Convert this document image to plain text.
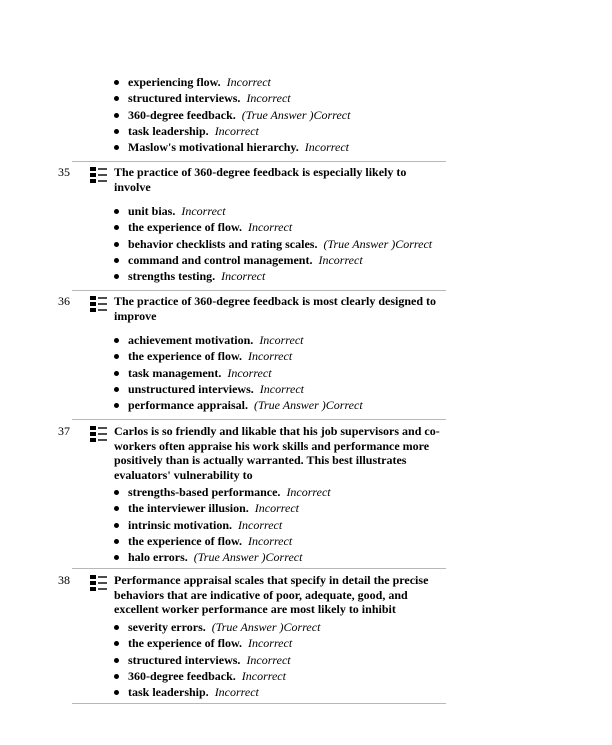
experiencing flow. Incorrect
structured interviews. Incorrect
360-degree feedback. (True Answer )Correct
task leadership. Incorrect
Maslow's motivational hierarchy. Incorrect
35	The practice of 360-degree feedback is especially likely to involve
unit bias. Incorrect
the experience of flow. Incorrect
behavior checklists and rating scales. (True Answer )Correct
command and control management. Incorrect
strengths testing. Incorrect
36	The practice of 360-degree feedback is most clearly designed to improve
achievement motivation. Incorrect
the experience of flow. Incorrect
task management. Incorrect
unstructured interviews. Incorrect
performance appraisal. (True Answer )Correct
37	Carlos is so friendly and likable that his job supervisors and co-workers often appraise his work skills and performance more positively than is actually warranted. This best illustrates evaluators' vulnerability to
strengths-based performance. Incorrect
the interviewer illusion. Incorrect
intrinsic motivation. Incorrect
the experience of flow. Incorrect
halo errors. (True Answer )Correct
38	Performance appraisal scales that specify in detail the precise behaviors that are indicative of poor, adequate, good, and excellent worker performance are most likely to inhibit
severity errors. (True Answer )Correct
the experience of flow. Incorrect
structured interviews. Incorrect
360-degree feedback. Incorrect
task leadership. Incorrect
